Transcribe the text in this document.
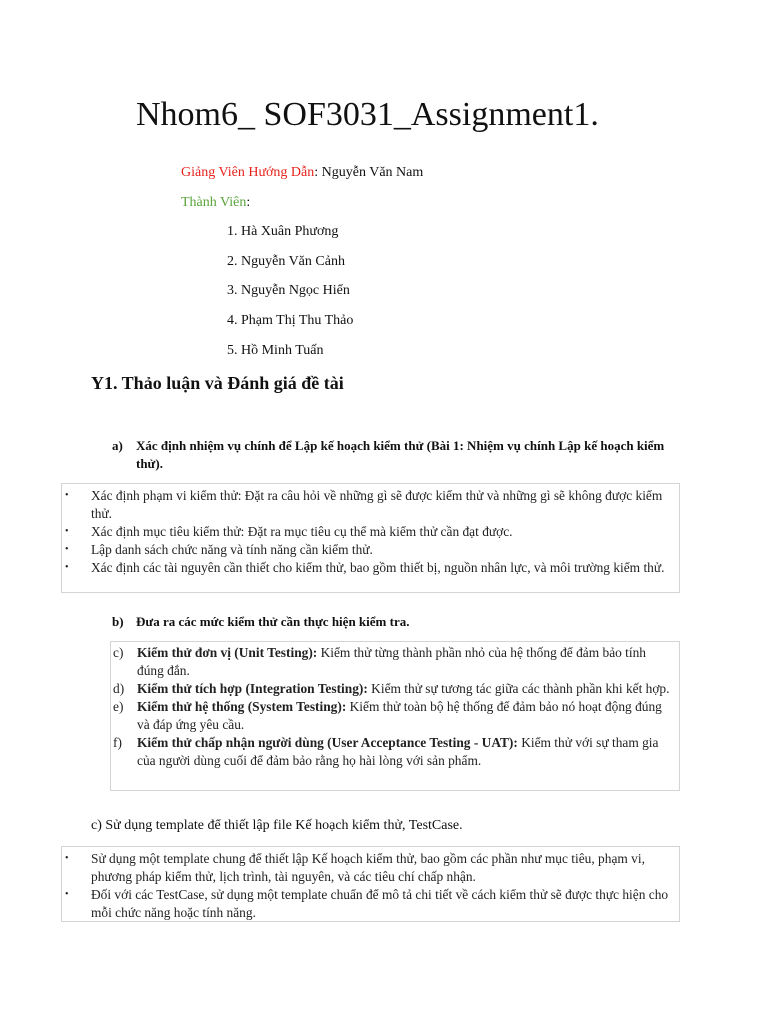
Nhom6_ SOF3031_Assignment1.
Giảng Viên Hướng Dẫn: Nguyễn Văn Nam
Thành Viên:
1. Hà Xuân Phương
2. Nguyễn Văn Cảnh
3. Nguyễn Ngọc Hiển
4. Phạm Thị Thu Thảo
5. Hồ Minh Tuấn
Y1. Thảo luận và Đánh giá đề tài
a) Xác định nhiệm vụ chính để Lập kế hoạch kiểm thử (Bài 1: Nhiệm vụ chính Lập kế hoạch kiểm thử).
• Xác định phạm vi kiểm thử: Đặt ra câu hỏi về những gì sẽ được kiểm thử và những gì sẽ không được kiểm thử.
• Xác định mục tiêu kiểm thử: Đặt ra mục tiêu cụ thể mà kiểm thử cần đạt được.
• Lập danh sách chức năng và tính năng cần kiểm thử.
• Xác định các tài nguyên cần thiết cho kiểm thử, bao gồm thiết bị, nguồn nhân lực, và môi trường kiểm thử.
b) Đưa ra các mức kiểm thử cần thực hiện kiểm tra.
c) Kiểm thử đơn vị (Unit Testing): Kiểm thử từng thành phần nhỏ của hệ thống để đảm bảo tính đúng đắn.
d) Kiểm thử tích hợp (Integration Testing): Kiểm thử sự tương tác giữa các thành phần khi kết hợp.
e) Kiểm thử hệ thống (System Testing): Kiểm thử toàn bộ hệ thống để đảm bảo nó hoạt động đúng và đáp ứng yêu cầu.
f) Kiểm thử chấp nhận người dùng (User Acceptance Testing - UAT): Kiểm thử với sự tham gia của người dùng cuối để đảm bảo rằng họ hài lòng với sản phẩm.
c) Sử dụng template để thiết lập file Kế hoạch kiểm thử, TestCase.
• Sử dụng một template chung để thiết lập Kế hoạch kiểm thử, bao gồm các phần như mục tiêu, phạm vi, phương pháp kiểm thử, lịch trình, tài nguyên, và các tiêu chí chấp nhận.
• Đối với các TestCase, sử dụng một template chuẩn để mô tả chi tiết về cách kiểm thử sẽ được thực hiện cho mỗi chức năng hoặc tính năng.
